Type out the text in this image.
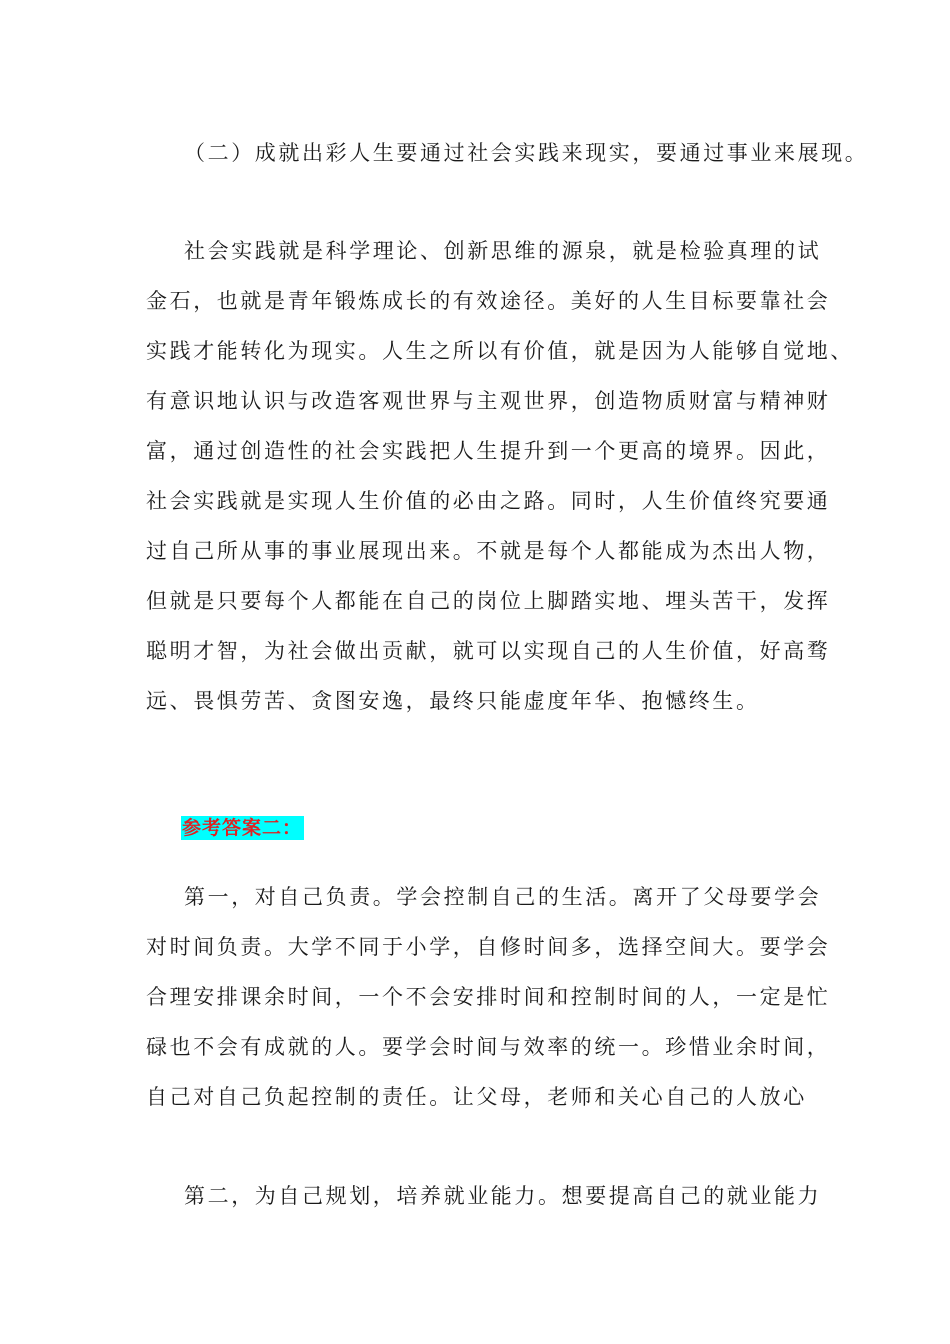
（二）成就出彩人生要通过社会实践来现实，要通过事业来展现。
社会实践就是科学理论、创新思维的源泉，就是检验真理的试
金石，也就是青年锻炼成长的有效途径。美好的人生目标要靠社会
实践才能转化为现实。人生之所以有价值，就是因为人能够自觉地、
有意识地认识与改造客观世界与主观世界，创造物质财富与精神财
富，通过创造性的社会实践把人生提升到一个更高的境界。因此，
社会实践就是实现人生价值的必由之路。同时，人生价值终究要通
过自己所从事的事业展现出来。不就是每个人都能成为杰出人物，
但就是只要每个人都能在自己的岗位上脚踏实地、埋头苦干，发挥
聪明才智，为社会做出贡献，就可以实现自己的人生价值，好高骛
远、畏惧劳苦、贪图安逸，最终只能虚度年华、抱憾终生。
参考答案二：
第一，对自己负责。学会控制自己的生活。离开了父母要学会
对时间负责。大学不同于小学，自修时间多，选择空间大。要学会
合理安排课余时间，一个不会安排时间和控制时间的人，一定是忙
碌也不会有成就的人。要学会时间与效率的统一。珍惜业余时间，
自己对自己负起控制的责任。让父母，老师和关心自己的人放心
第二，为自己规划，培养就业能力。想要提高自己的就业能力
